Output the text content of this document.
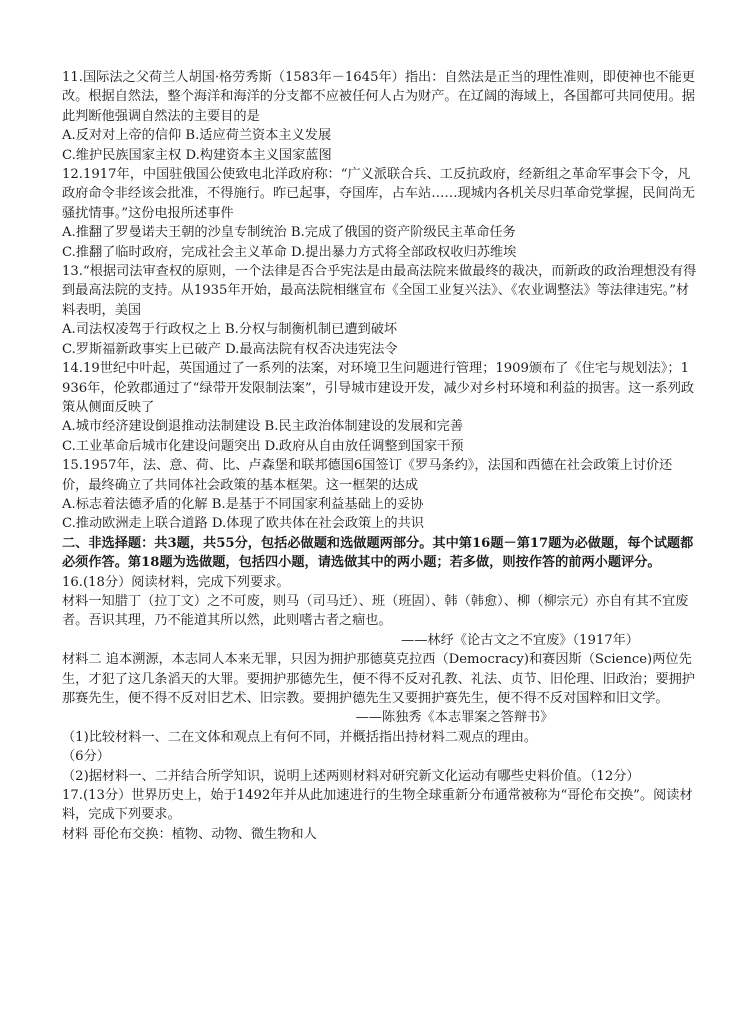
11.国际法之父荷兰人胡国·格劳秀斯（1583年－1645年）指出：自然法是正当的理性准则，即使神也不能更改。根据自然法，整个海洋和海洋的分支都不应被任何人占为财产。在辽阔的海域上，各国都可共同使用。据此判断他强调自然法的主要目的是

A.反对对上帝的信仰 B.适应荷兰资本主义发展

C.维护民族国家主权 D.构建资本主义国家蓝图

12.1917年，中国驻俄国公使致电北洋政府称：“广义派联合兵、工反抗政府，经新组之革命军事会下令，凡政府命令非经该会批准，不得施行。昨已起事，夺国库，占车站……现城内各机关尽归革命党掌握，民间尚无骚扰情事。”这份电报所述事件

A.推翻了罗曼诺夫王朝的沙皇专制统治 B.完成了俄国的资产阶级民主革命任务

C.推翻了临时政府，完成社会主义革命 D.提出暴力方式将全部政权收归苏维埃

13.“根据司法审查权的原则，一个法律是否合乎宪法是由最高法院来做最终的裁决，而新政的政治理想没有得到最高法院的支持。从1935年开始，最高法院相继宣布《全国工业复兴法》、《农业调整法》等法律违宪。”材料表明，美国

A.司法权凌驾于行政权之上 B.分权与制衡机制已遭到破坏

C.罗斯福新政事实上已破产 D.最高法院有权否决违宪法令

14.19世纪中叶起，英国通过了一系列的法案，对环境卫生问题进行管理；1909颁布了《住宅与规划法》；1936年，伦敦郡通过了“绿带开发限制法案”，引导城市建设开发，减少对乡村环境和利益的损害。这一系列政策从侧面反映了

A.城市经济建设倒退推动法制建设 B.民主政治体制建设的发展和完善

C.工业革命后城市化建设问题突出 D.政府从自由放任调整到国家干预

15.1957年，法、意、荷、比、卢森堡和联邦德国6国签订《罗马条约》，法国和西德在社会政策上讨价还价，最终确立了共同体社会政策的基本框架。这一框架的达成

A.标志着法德矛盾的化解 B.是基于不同国家利益基础上的妥协

C.推动欧洲走上联合道路 D.体现了欧共体在社会政策上的共识

二、非选择题：共3题，共55分，包括必做题和选做题两部分。其中第16题－第17题为必做题，每个试题都必须作答。第18题为选做题，包括四小题，请选做其中的两小题；若多做，则按作答的前两小题评分。

16.(18分）阅读材料，完成下列要求。

材料一知腊丁（拉丁文）之不可废，则马（司马迁）、班（班固）、韩（韩愈）、柳（柳宗元）亦自有其不宜废者。吾识其理，乃不能道其所以然，此则嗜古者之痼也。

——林纾《论古文之不宜废》（1917年）

材料二 追本溯源，本志同人本来无罪，只因为拥护那德莫克拉西（Democracy)和赛因斯（Science)两位先生，才犯了这几条滔天的大罪。要拥护那德先生，便不得不反对孔教、礼法、贞节、旧伦理、旧政治；要拥护那赛先生，便不得不反对旧艺术、旧宗教。要拥护德先生又要拥护赛先生，便不得不反对国粹和旧文学。

——陈独秀《本志罪案之答辩书》

（1)比较材料一、二在文体和观点上有何不同，并概括指出持材料二观点的理由。

（6分）

（2)据材料一、二并结合所学知识，说明上述两则材料对研究新文化运动有哪些史料价值。（12分）

17.(13分）世界历史上，始于1492年并从此加速进行的生物全球重新分布通常被称为“哥伦布交换”。阅读材料，完成下列要求。

材料 哥伦布交换：植物、动物、微生物和人
